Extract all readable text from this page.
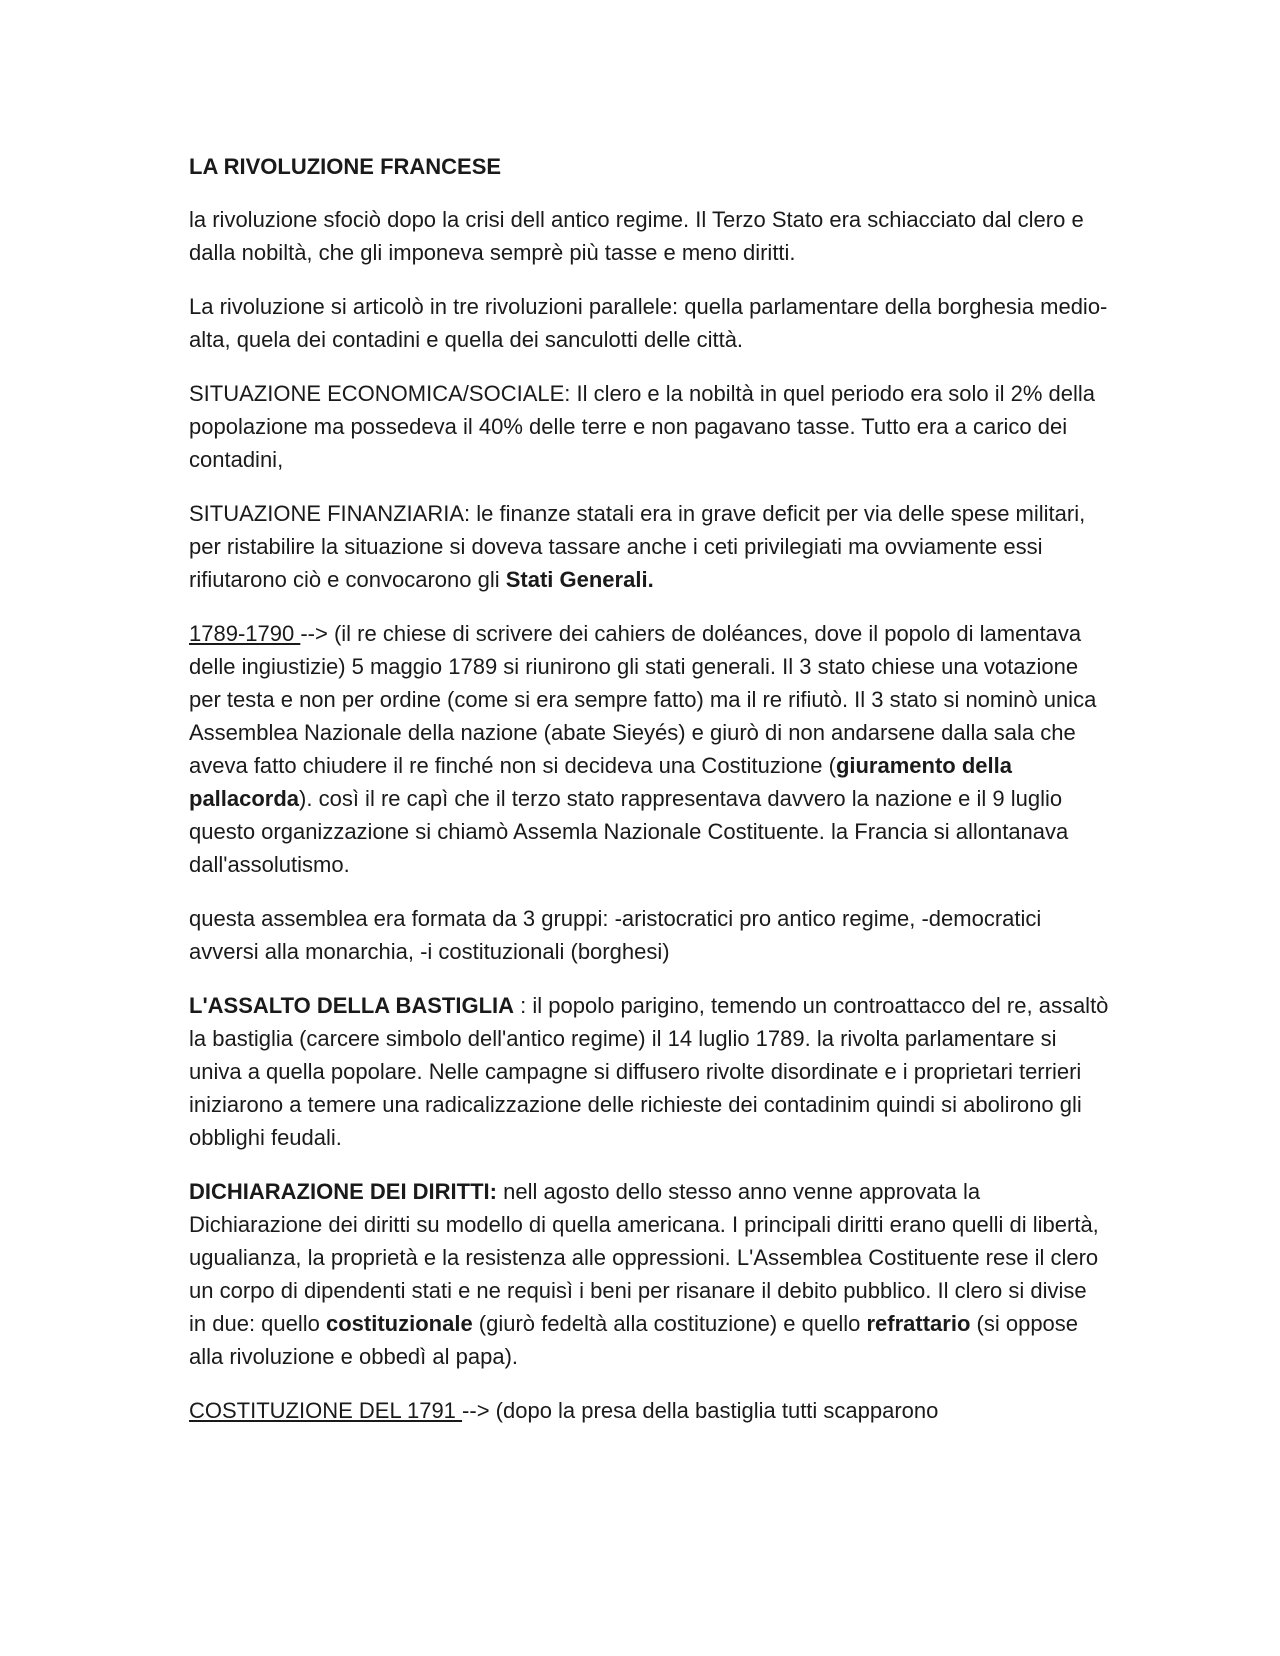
LA RIVOLUZIONE FRANCESE

la rivoluzione sfociò dopo la crisi dell antico regime. Il Terzo Stato era schiacciato dal clero e dalla nobiltà, che gli imponeva semprè più tasse e meno diritti.

La rivoluzione si articolò in tre rivoluzioni parallele: quella parlamentare della borghesia medio-alta, quela dei contadini e quella dei sanculotti delle città.

SITUAZIONE ECONOMICA/SOCIALE: Il clero e la nobiltà in quel periodo era solo il 2% della popolazione ma possedeva il 40% delle terre e non pagavano tasse. Tutto era a carico dei contadini,

SITUAZIONE FINANZIARIA: le finanze statali era in grave deficit per via delle spese militari, per ristabilire la situazione si doveva tassare anche i ceti privilegiati ma ovviamente essi rifiutarono ciò e convocarono gli Stati Generali.

1789-1790 --> (il re chiese di scrivere dei cahiers de doléances, dove il popolo di lamentava delle ingiustizie) 5 maggio 1789 si riunirono gli stati generali. Il 3 stato chiese una votazione per testa e non per ordine (come si era sempre fatto) ma il re rifiutò. Il 3 stato si nominò unica Assemblea Nazionale della nazione (abate Sieyés) e giurò di non andarsene dalla sala che aveva fatto chiudere il re finché non si decideva una Costituzione (giuramento della pallacorda). così il re capì che il terzo stato rappresentava davvero la nazione e il 9 luglio questo organizzazione si chiamò Assemla Nazionale Costituente. la Francia si allontanava dall'assolutismo.

questa assemblea era formata da 3 gruppi: -aristocratici pro antico regime, -democratici avversi alla monarchia, -i costituzionali (borghesi)

L'ASSALTO DELLA BASTIGLIA : il popolo parigino, temendo un controattacco del re, assaltò la bastiglia (carcere simbolo dell'antico regime) il 14 luglio 1789. la rivolta parlamentare si univa a quella popolare. Nelle campagne si diffusero rivolte disordinate e i proprietari terrieri iniziarono a temere una radicalizzazione delle richieste dei contadinim quindi si abolirono gli obblighi feudali.

DICHIARAZIONE DEI DIRITTI: nell agosto dello stesso anno venne approvata la Dichiarazione dei diritti su modello di quella americana. I principali diritti erano quelli di libertà, ugualianza, la proprietà e la resistenza alle oppressioni. L'Assemblea Costituente rese il clero un corpo di dipendenti stati e ne requisì i beni per risanare il debito pubblico. Il clero si divise in due: quello costituzionale (giurò fedeltà alla costituzione) e quello refrattario (si oppose alla rivoluzione e obbedì al papa).

COSTITUZIONE DEL 1791 --> (dopo la presa della bastiglia tutti scapparono
